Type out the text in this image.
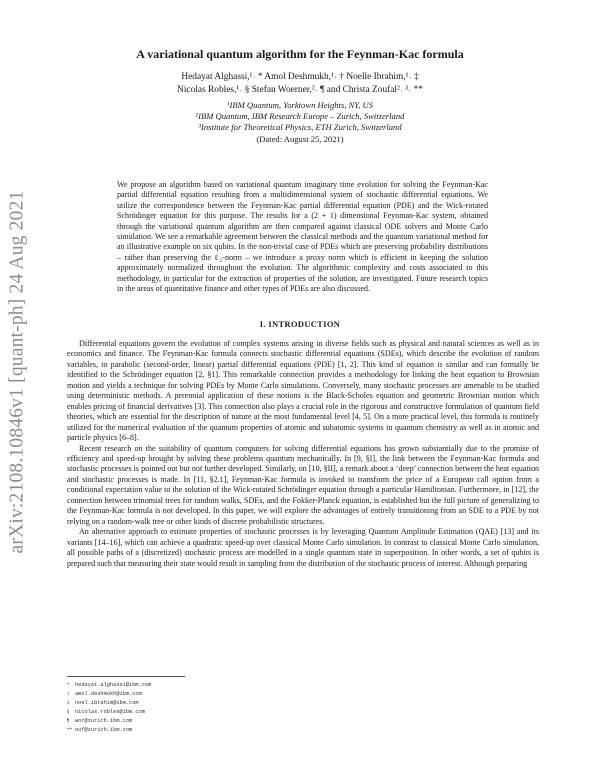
arXiv:2108.10846v1 [quant-ph] 24 Aug 2021
A variational quantum algorithm for the Feynman-Kac formula
Hedayat Alghassi,¹˒ * Amol Deshmukh,¹˒ † Noelle Ibrahim,¹˒ ‡
Nicolas Robles,¹˒ § Stefan Woerner,²˒ ¶ and Christa Zoufal²˒ ³˒ **
¹IBM Quantum, Yorktown Heights, NY, US
²IBM Quantum, IBM Research Europe – Zurich, Switzerland
³Institute for Theoretical Physics, ETH Zurich, Switzerland
(Dated: August 25, 2021)
We propose an algorithm based on variational quantum imaginary time evolution for solving the Feynman-Kac partial differential equation resulting from a multidimensional system of stochastic differential equations. We utilize the correspondence between the Feynman-Kac partial differential equation (PDE) and the Wick-rotated Schrödinger equation for this purpose. The results for a (2 + 1) dimensional Feynman-Kac system, obtained through the variational quantum algorithm are then compared against classical ODE solvers and Monte Carlo simulation. We see a remarkable agreement between the classical methods and the quantum variational method for an illustrative example on six qubits. In the non-trivial case of PDEs which are preserving probability distributions – rather than preserving the ℓ₂-norm – we introduce a proxy norm which is efficient in keeping the solution approximately normalized throughout the evolution. The algorithmic complexity and costs associated to this methodology, in particular for the extraction of properties of the solution, are investigated. Future research topics in the areas of quantitative finance and other types of PDEs are also discussed.
I. INTRODUCTION

Differential equations govern the evolution of complex systems arising in diverse fields such as physical and natural sciences as well as in economics and finance. The Feynman-Kac formula connects stochastic differential equations (SDEs), which describe the evolution of random variables, to parabolic (second-order, linear) partial differential equations (PDE) [1, 2]. This kind of equation is similar and can formally be identified to the Schrödinger equation [2, §1]. This remarkable connection provides a methodology for linking the heat equation to Brownian motion and yields a technique for solving PDEs by Monte Carlo simulations. Conversely, many stochastic processes are amenable to be studied using deterministic methods. A perennial application of these notions is the Black-Scholes equation and geometric Brownian motion which enables pricing of financial derivatives [3]. This connection also plays a crucial role in the rigorous and constructive formulation of quantum field theories, which are essential for the description of nature at the most fundamental level [4, 5]. On a more practical level, this formula is routinely utilized for the numerical evaluation of the quantum properties of atomic and subatomic systems in quantum chemistry as well as in atomic and particle physics [6–8].

Recent research on the suitability of quantum computers for solving differential equations has grown substantially due to the promise of efficiency and speed-up brought by solving these problems quantum mechanically. In [9, §I], the link between the Feynman-Kac formula and stochastic processes is pointed out but not further developed. Similarly, on [10, §II], a remark about a ‘deep’ connection between the heat equation and stochastic processes is made. In [11, §2.1], Feynman-Kac formula is invoked to transform the price of a European call option from a conditional expectation value to the solution of the Wick-rotated Schrödinger equation through a particular Hamiltonian. Furthermore, in [12], the connection between trinomial trees for random walks, SDEs, and the Fokker-Planck equation, is established but the full picture of generalizing to the Feynman-Kac formula is not developed. In this paper, we will explore the advantages of entirely transitioning from an SDE to a PDE by not relying on a random-walk tree or other kinds of discrete probabilistic structures.

An alternative approach to estimate properties of stochastic processes is by leveraging Quantum Amplitude Estimation (QAE) [13] and its variants [14–16], which can achieve a quadratic speed-up over classical Monte Carlo simulation. In contrast to classical Monte Carlo simulation, all possible paths of a (discretized) stochastic process are modelled in a single quantum state in superposition. In other words, a set of qubits is prepared such that measuring their state would result in sampling from the distribution of the stochastic process of interest. Although preparing

* hedayat.alghassi@ibm.com
† amol.deshmukh@ibm.com
‡ noel.ibrahim@ibm.com
§ nicolas.robles@ibm.com
¶ wor@zurich.ibm.com
** ouf@zurich.ibm.com
